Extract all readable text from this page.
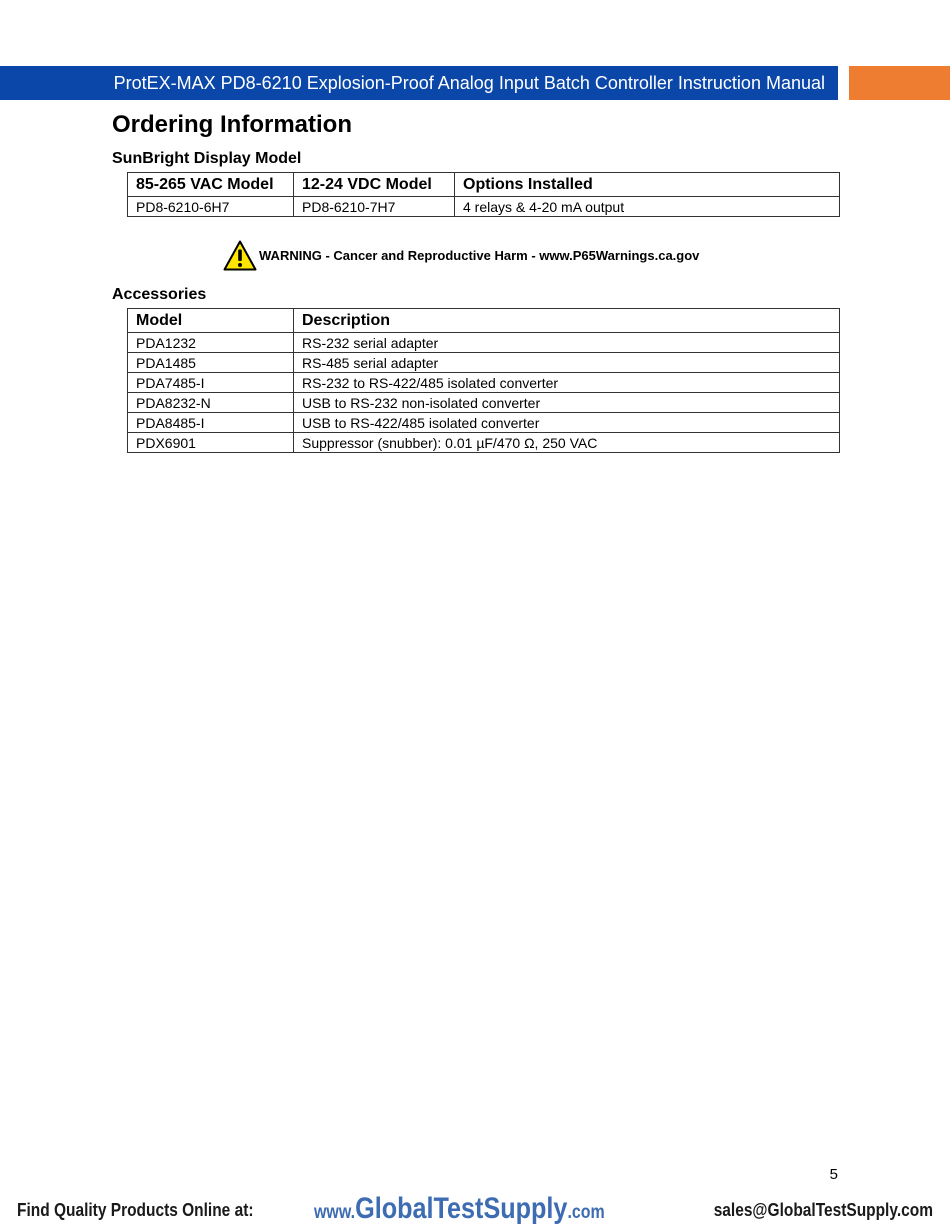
ProtEX-MAX PD8-6210 Explosion-Proof Analog Input Batch Controller Instruction Manual
Ordering Information
SunBright Display Model
85-265 VAC Model	12-24 VDC Model	Options Installed
PD8-6210-6H7	PD8-6210-7H7	4 relays & 4-20 mA output
WARNING - Cancer and Reproductive Harm - www.P65Warnings.ca.gov
Accessories
Model	Description
PDA1232	RS-232 serial adapter
PDA1485	RS-485 serial adapter
PDA7485-I	RS-232 to RS-422/485 isolated converter
PDA8232-N	USB to RS-232 non-isolated converter
PDA8485-I	USB to RS-422/485 isolated converter
PDX6901	Suppressor (snubber): 0.01 µF/470 Ω, 250 VAC
5
Find Quality Products Online at:	www.GlobalTestSupply.com	sales@GlobalTestSupply.com
